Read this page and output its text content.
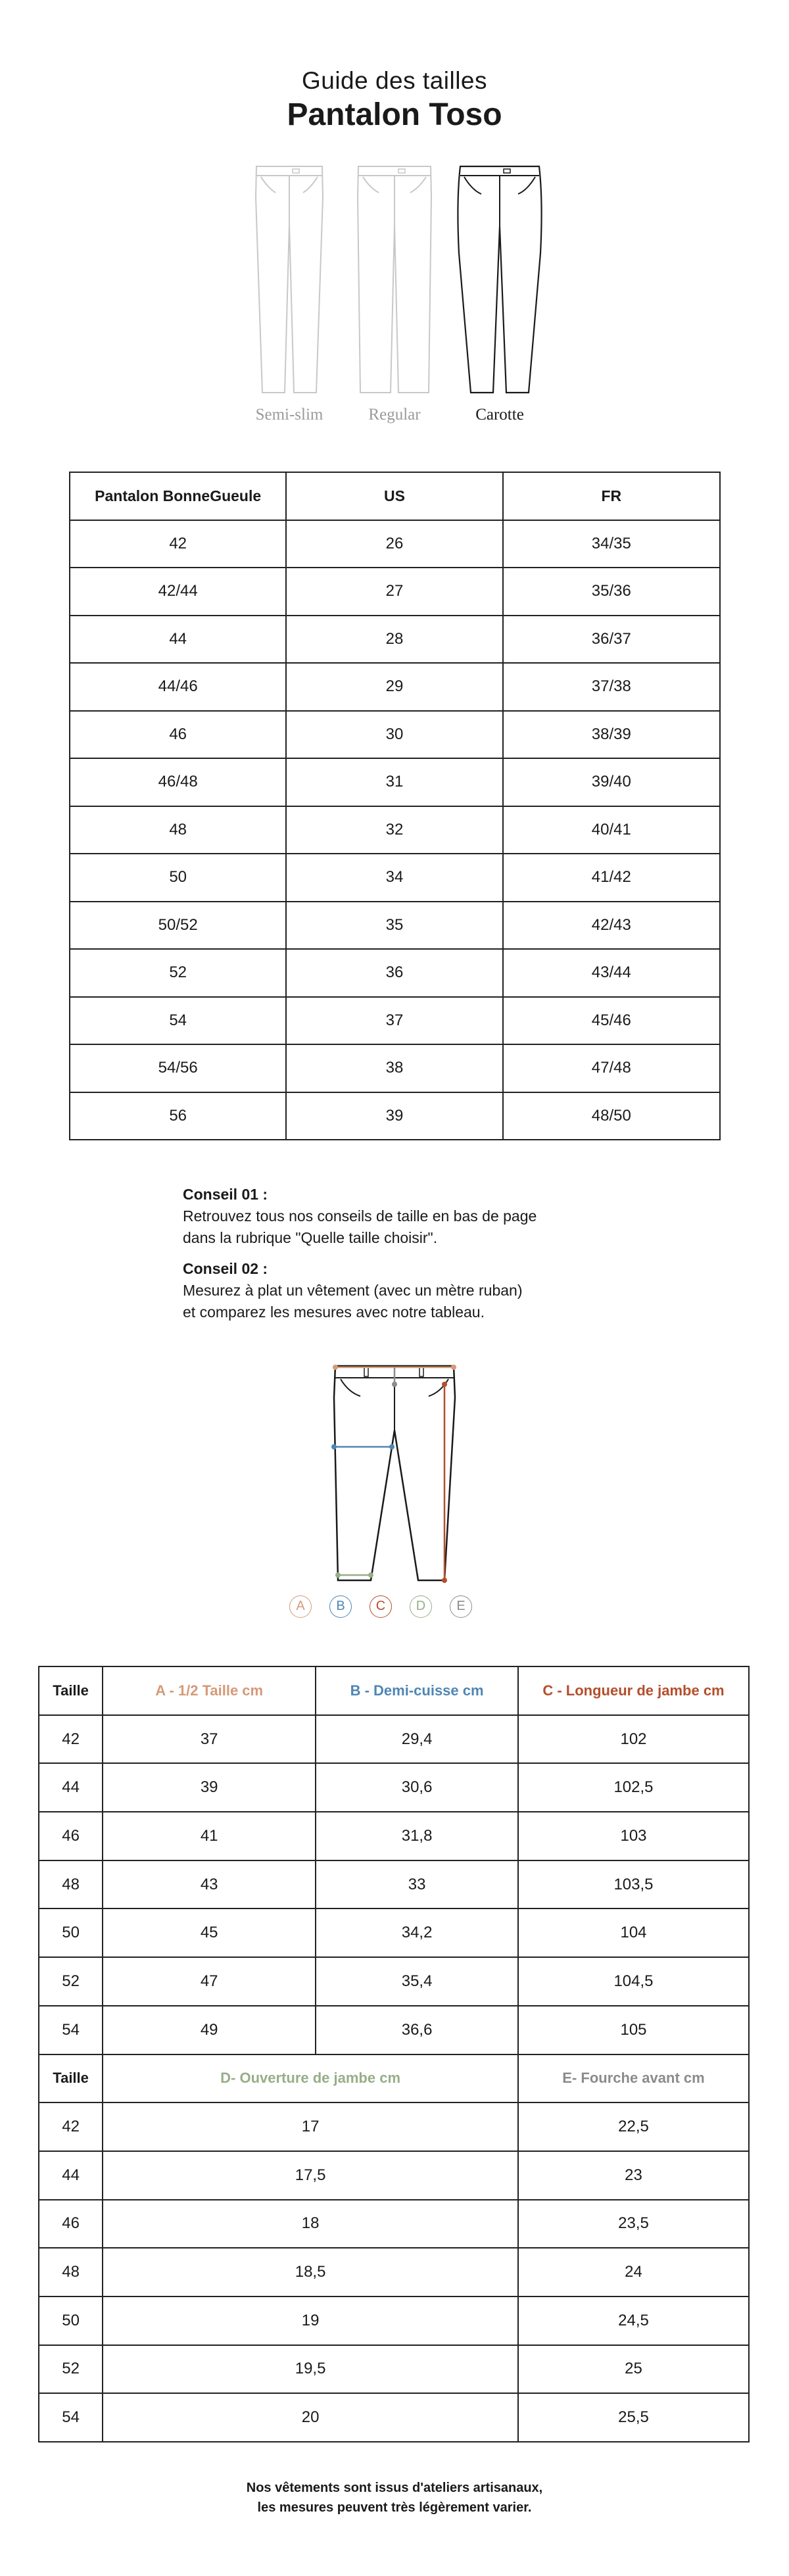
Guide des tailles
Pantalon Toso
Semi-slim	Regular	Carotte
Pantalon BonneGueule	US	FR
42	26	34/35
42/44	27	35/36
44	28	36/37
44/46	29	37/38
46	30	38/39
46/48	31	39/40
48	32	40/41
50	34	41/42
50/52	35	42/43
52	36	43/44
54	37	45/46
54/56	38	47/48
56	39	48/50
Conseil 01 :
Retrouvez tous nos conseils de taille en bas de page
dans la rubrique "Quelle taille choisir".
Conseil 02 :
Mesurez à plat un vêtement (avec un mètre ruban)
et comparez les mesures avec notre tableau.
A	B	C	D	E
Taille	A - 1/2 Taille cm	B - Demi-cuisse cm	C - Longueur de jambe cm
42	37	29,4	102
44	39	30,6	102,5
46	41	31,8	103
48	43	33	103,5
50	45	34,2	104
52	47	35,4	104,5
54	49	36,6	105
Taille	D- Ouverture de jambe cm		E- Fourche avant cm
42	17		22,5
44	17,5		23
46	18		23,5
48	18,5		24
50	19		24,5
52	19,5		25
54	20		25,5
Nos vêtements sont issus d'ateliers artisanaux,
les mesures peuvent très légèrement varier.
